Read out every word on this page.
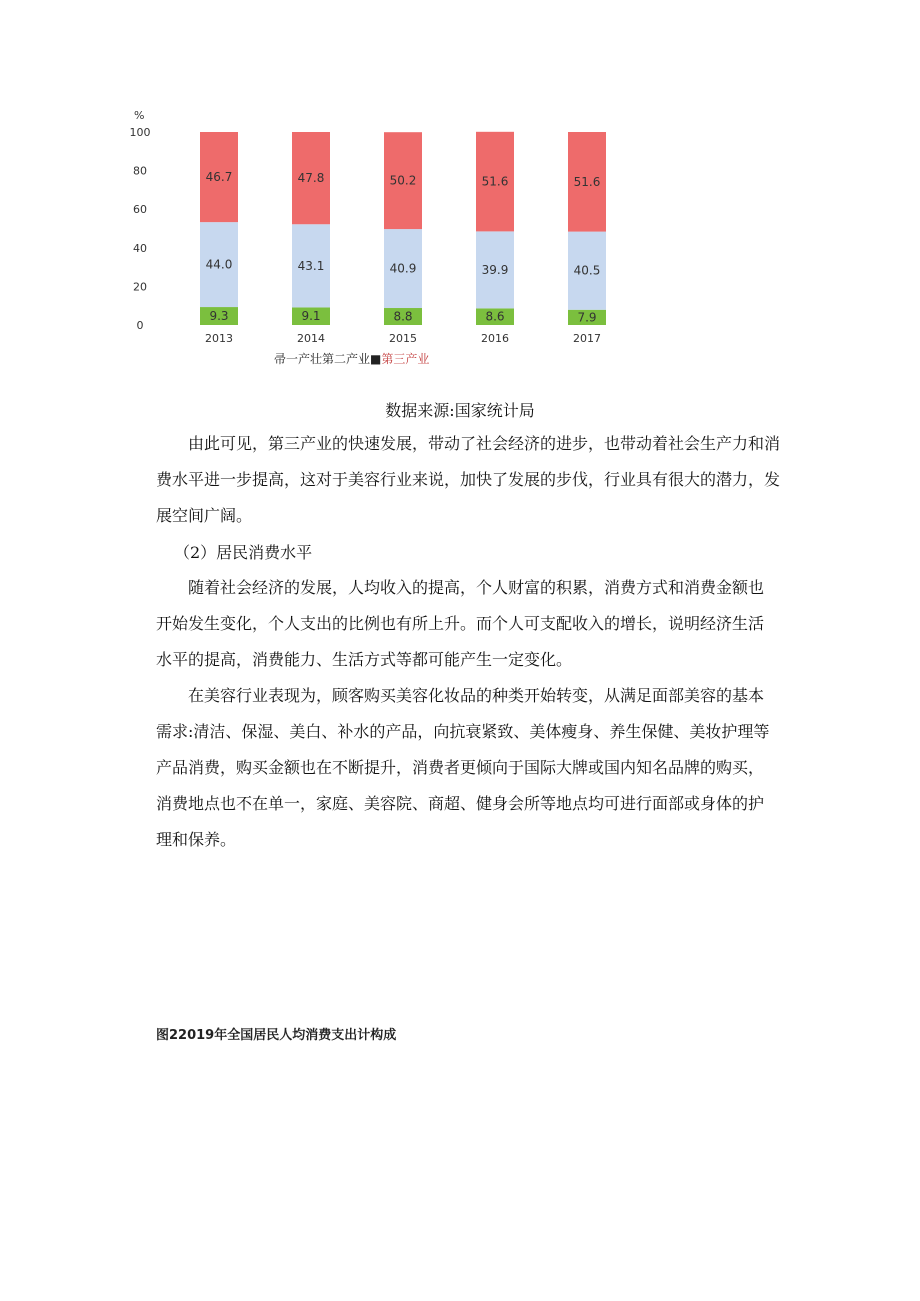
%
0
20
40
60
80
100
2013	2014	2015	2016	2017
9.3
44.0
46.7
9.1
43.1
47.8
8.8
40.9
50.2
8.6
39.9
51.6
7.9
40.5
51.6
帚一产壮第二产业■第三产业
数据来源:国家统计局
由此可见，第三产业的快速发展，带动了社会经济的进步，也带动着社会生产力和消
费水平进一步提高，这对于美容行业来说，加快了发展的步伐，行业具有很大的潜力，发
展空间广阔。
（2）居民消费水平
随着社会经济的发展，人均收入的提高，个人财富的积累，消费方式和消费金额也
开始发生变化，个人支出的比例也有所上升。而个人可支配收入的增长，说明经济生活
水平的提高，消费能力、生活方式等都可能产生一定变化。
在美容行业表现为，顾客购买美容化妆品的种类开始转变，从满足面部美容的基本
需求:清洁、保湿、美白、补水的产品，向抗衰紧致、美体瘦身、养生保健、美妆护理等
产品消费，购买金额也在不断提升，消费者更倾向于国际大牌或国内知名品牌的购买，
消费地点也不在单一，家庭、美容院、商超、健身会所等地点均可进行面部或身体的护
理和保养。
图22019年全国居民人均消费支出计构成
